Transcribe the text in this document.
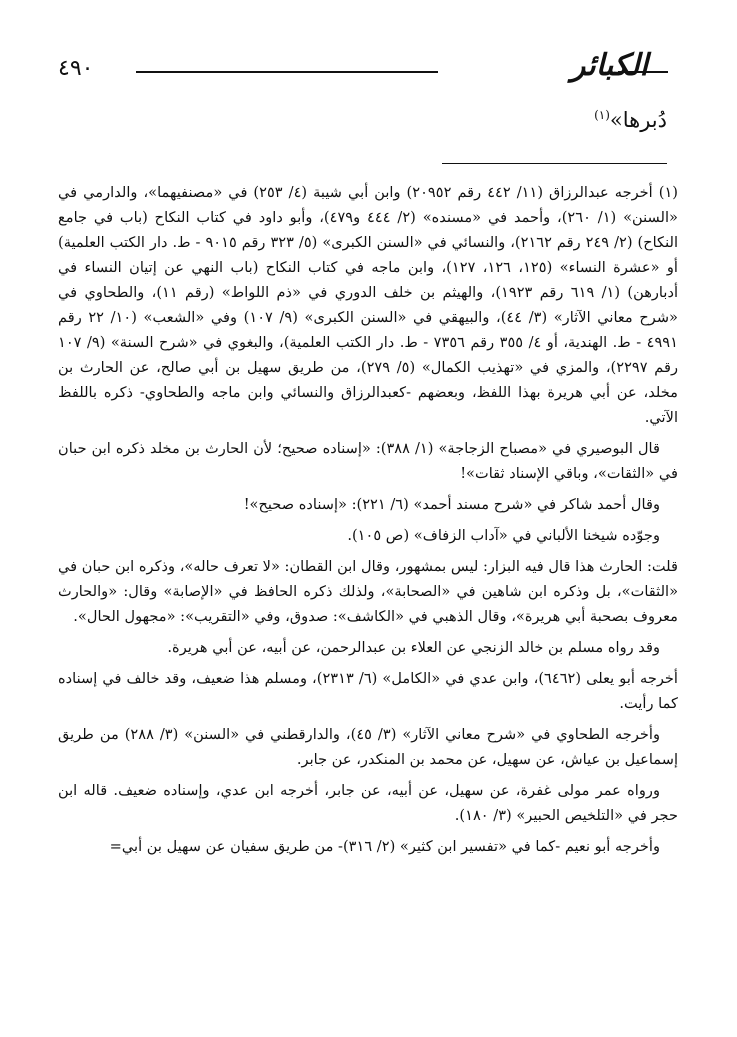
٤٩٠	الكبائر
دُبرها»$^{(١)}$

(١) أخرجه عبدالرزاق (١١/ ٤٤٢ رقم ٢٠٩٥٢) وابن أبي شيبة (٤/ ٢٥٣) في «مصنفيهما»، والدارمي في «السنن» (١/ ٢٦٠)، وأحمد في «مسنده» (٢/ ٤٤٤ و٤٧٩)، وأبو داود في كتاب النكاح (باب في جامع النكاح) (٢/ ٢٤٩ رقم ٢١٦٢)، والنسائي في «السنن الكبرى» (٥/ ٣٢٣ رقم ٩٠١٥ - ط. دار الكتب العلمية) أو «عشرة النساء» (١٢٥، ١٢٦، ١٢٧)، وابن ماجه في كتاب النكاح (باب النهي عن إتيان النساء في أدبارهن) (١/ ٦١٩ رقم ١٩٢٣)، والهيثم بن خلف الدوري في «ذم اللواط» (رقم ١١)، والطحاوي في «شرح معاني الآثار» (٣/ ٤٤)، والبيهقي في «السنن الكبرى» (٩/ ١٠٧) وفي «الشعب» (١٠/ ٢٢ رقم ٤٩٩١ - ط. الهندية، أو ٤/ ٣٥٥ رقم ٧٣٥٦ - ط. دار الكتب العلمية)، والبغوي في «شرح السنة» (٩/ ١٠٧ رقم ٢٢٩٧)، والمزي في «تهذيب الكمال» (٥/ ٢٧٩)، من طريق سهيل بن أبي صالح، عن الحارث بن مخلد، عن أبي هريرة بهذا اللفظ، وبعضهم -كعبدالرزاق والنسائي وابن ماجه والطحاوي- ذكره باللفظ الآتي.

قال البوصيري في «مصباح الزجاجة» (١/ ٣٨٨): «إسناده صحيح؛ لأن الحارث بن مخلد ذكره ابن حبان في «الثقات»، وباقي الإسناد ثقات»!

وقال أحمد شاكر في «شرح مسند أحمد» (٦/ ٢٢١): «إسناده صحيح»!

وجوّده شيخنا الألباني في «آداب الزفاف» (ص ١٠٥).

قلت: الحارث هذا قال فيه البزار: ليس بمشهور، وقال ابن القطان: «لا تعرف حاله»، وذكره ابن حبان في «الثقات»، بل وذكره ابن شاهين في «الصحابة»، ولذلك ذكره الحافظ في «الإصابة» وقال: «والحارث معروف بصحبة أبي هريرة»، وقال الذهبي في «الكاشف»: صدوق، وفي «التقريب»: «مجهول الحال».

وقد رواه مسلم بن خالد الزنجي عن العلاء بن عبدالرحمن، عن أبيه، عن أبي هريرة.

أخرجه أبو يعلى (٦٤٦٢)، وابن عدي في «الكامل» (٦/ ٢٣١٣)، ومسلم هذا ضعيف، وقد خالف في إسناده كما رأيت.

وأخرجه الطحاوي في «شرح معاني الآثار» (٣/ ٤٥)، والدارقطني في «السنن» (٣/ ٢٨٨) من طريق إسماعيل بن عياش، عن سهيل، عن محمد بن المنكدر، عن جابر.

ورواه عمر مولى غفرة، عن سهيل، عن أبيه، عن جابر، أخرجه ابن عدي، وإسناده ضعيف. قاله ابن حجر في «التلخيص الحبير» (٣/ ١٨٠).

وأخرجه أبو نعيم -كما في «تفسير ابن كثير» (٢/ ٣١٦)- من طريق سفيان عن سهيل بن أبي=
